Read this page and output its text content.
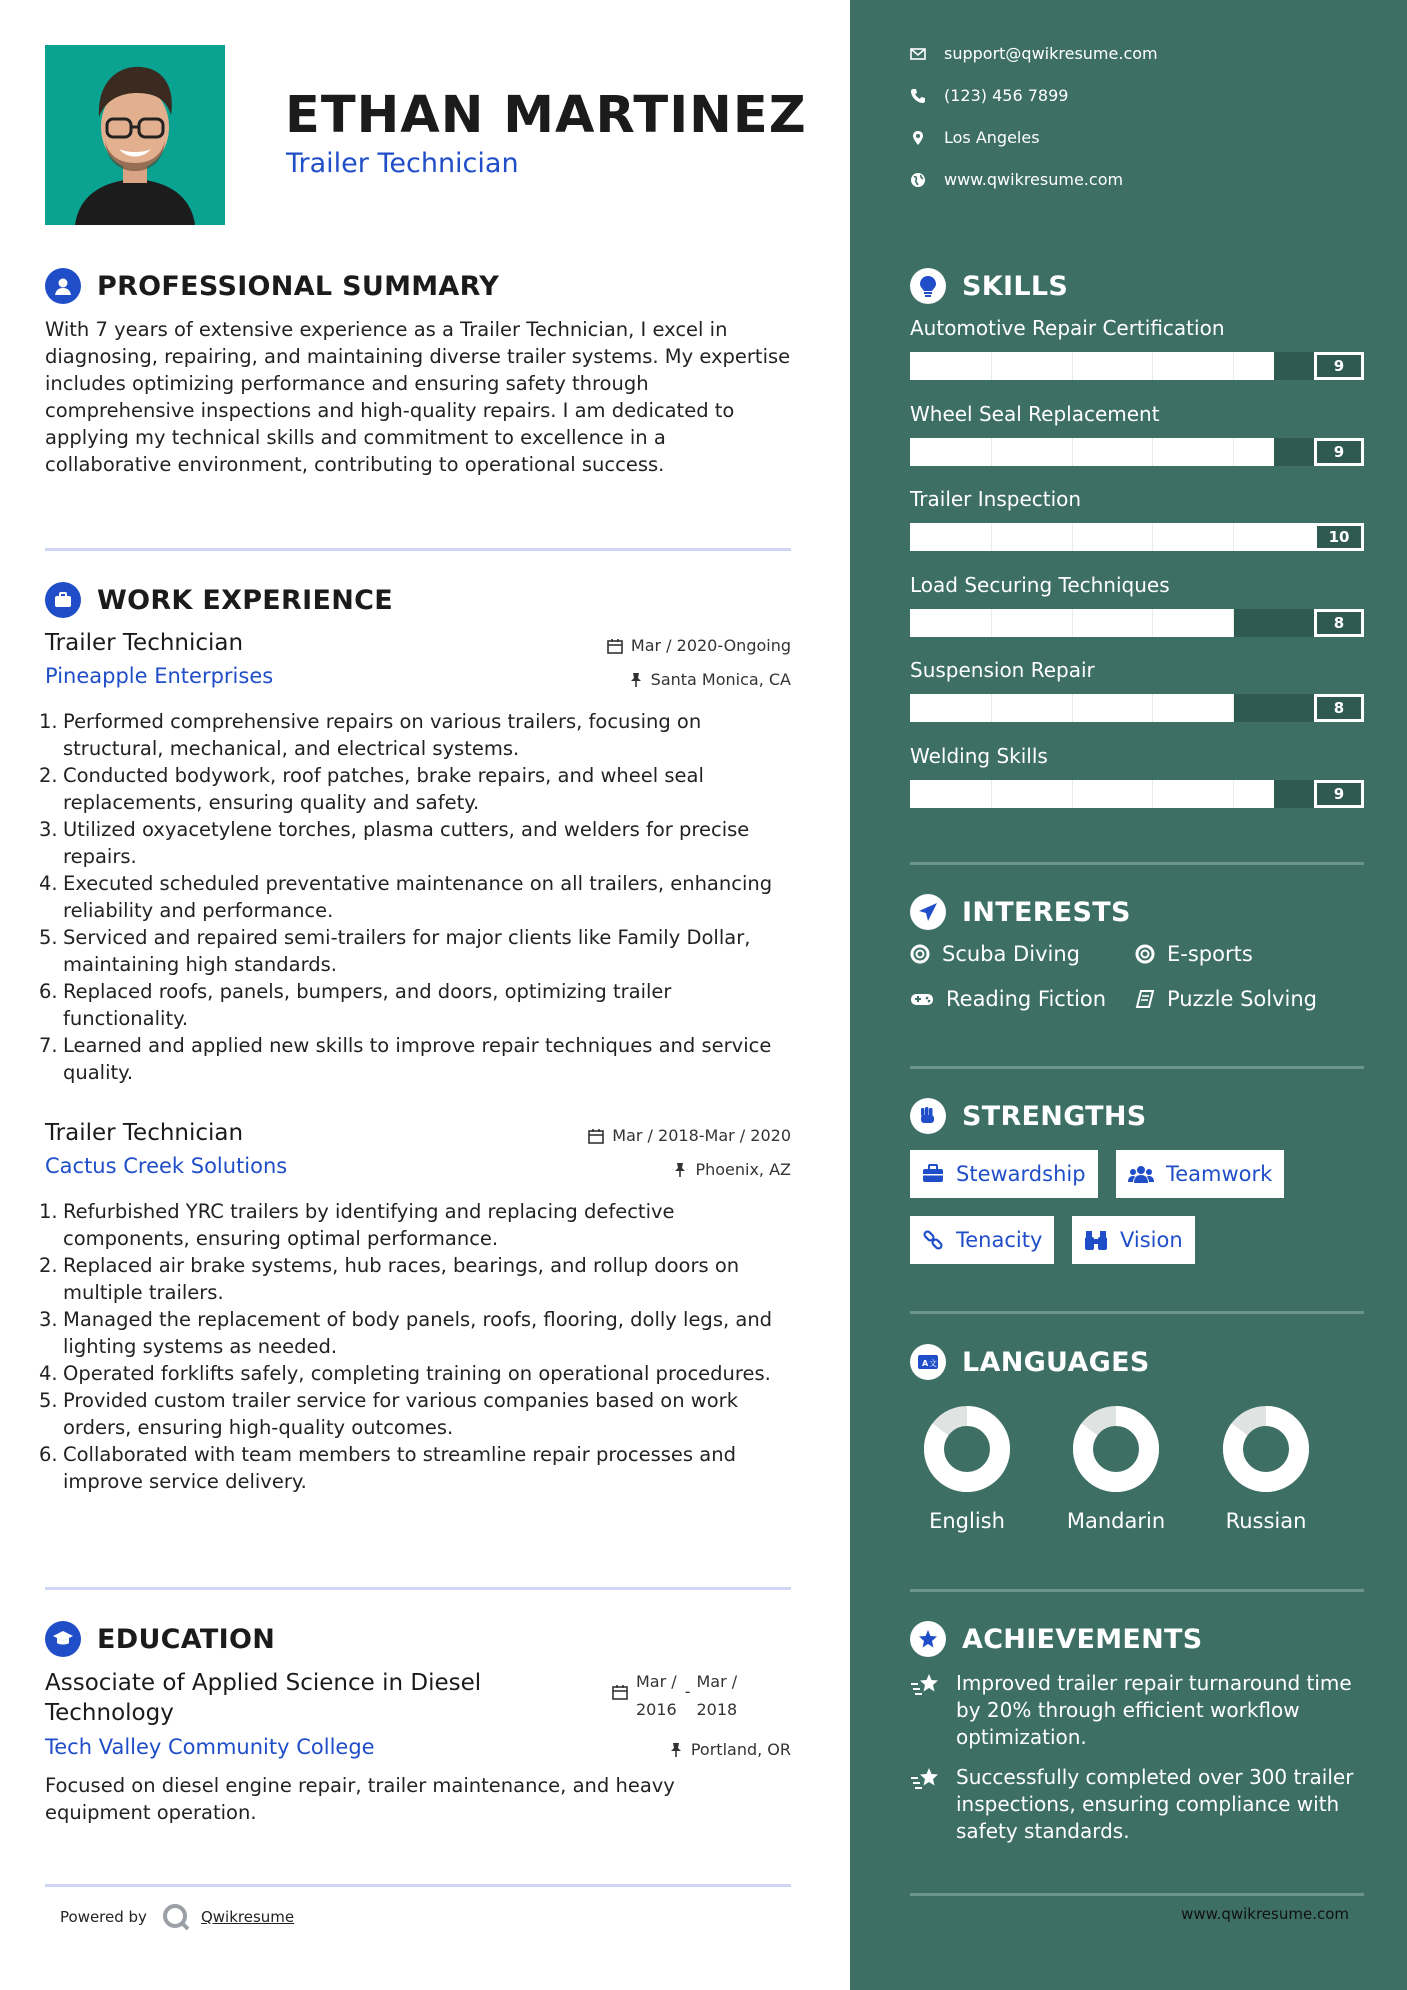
ETHAN MARTINEZ
Trailer Technician
PROFESSIONAL SUMMARY
With 7 years of extensive experience as a Trailer Technician, I excel in diagnosing, repairing, and maintaining diverse trailer systems. My expertise includes optimizing performance and ensuring safety through comprehensive inspections and high-quality repairs. I am dedicated to applying my technical skills and commitment to excellence in a collaborative environment, contributing to operational success.
WORK EXPERIENCE
Trailer Technician	Mar / 2020-Ongoing
Pineapple Enterprises	Santa Monica, CA
1. Performed comprehensive repairs on various trailers, focusing on structural, mechanical, and electrical systems.
2. Conducted bodywork, roof patches, brake repairs, and wheel seal replacements, ensuring quality and safety.
3. Utilized oxyacetylene torches, plasma cutters, and welders for precise repairs.
4. Executed scheduled preventative maintenance on all trailers, enhancing reliability and performance.
5. Serviced and repaired semi-trailers for major clients like Family Dollar, maintaining high standards.
6. Replaced roofs, panels, bumpers, and doors, optimizing trailer functionality.
7. Learned and applied new skills to improve repair techniques and service quality.
Trailer Technician	Mar / 2018-Mar / 2020
Cactus Creek Solutions	Phoenix, AZ
1. Refurbished YRC trailers by identifying and replacing defective components, ensuring optimal performance.
2. Replaced air brake systems, hub races, bearings, and rollup doors on multiple trailers.
3. Managed the replacement of body panels, roofs, flooring, dolly legs, and lighting systems as needed.
4. Operated forklifts safely, completing training on operational procedures.
5. Provided custom trailer service for various companies based on work orders, ensuring high-quality outcomes.
6. Collaborated with team members to streamline repair processes and improve service delivery.
EDUCATION
Associate of Applied Science in Diesel Technology
Mar /
2016
-
Mar /
2018
Tech Valley Community College	Portland, OR
Focused on diesel engine repair, trailer maintenance, and heavy equipment operation.
Powered by	Qwikresume
support@qwikresume.com
(123) 456 7899
Los Angeles
www.qwikresume.com
SKILLS
Automotive Repair Certification
9
Wheel Seal Replacement
9
Trailer Inspection
10
Load Securing Techniques
8
Suspension Repair
8
Welding Skills
9
INTERESTS
Scuba Diving	E-sports
Reading Fiction	Puzzle Solving
STRENGTHS
Stewardship	Teamwork
Tenacity	Vision
A 文 LANGUAGES
English	Mandarin	Russian
ACHIEVEMENTS
Improved trailer repair turnaround time by 20% through efficient workflow optimization.
Successfully completed over 300 trailer inspections, ensuring compliance with safety standards.
www.qwikresume.com
